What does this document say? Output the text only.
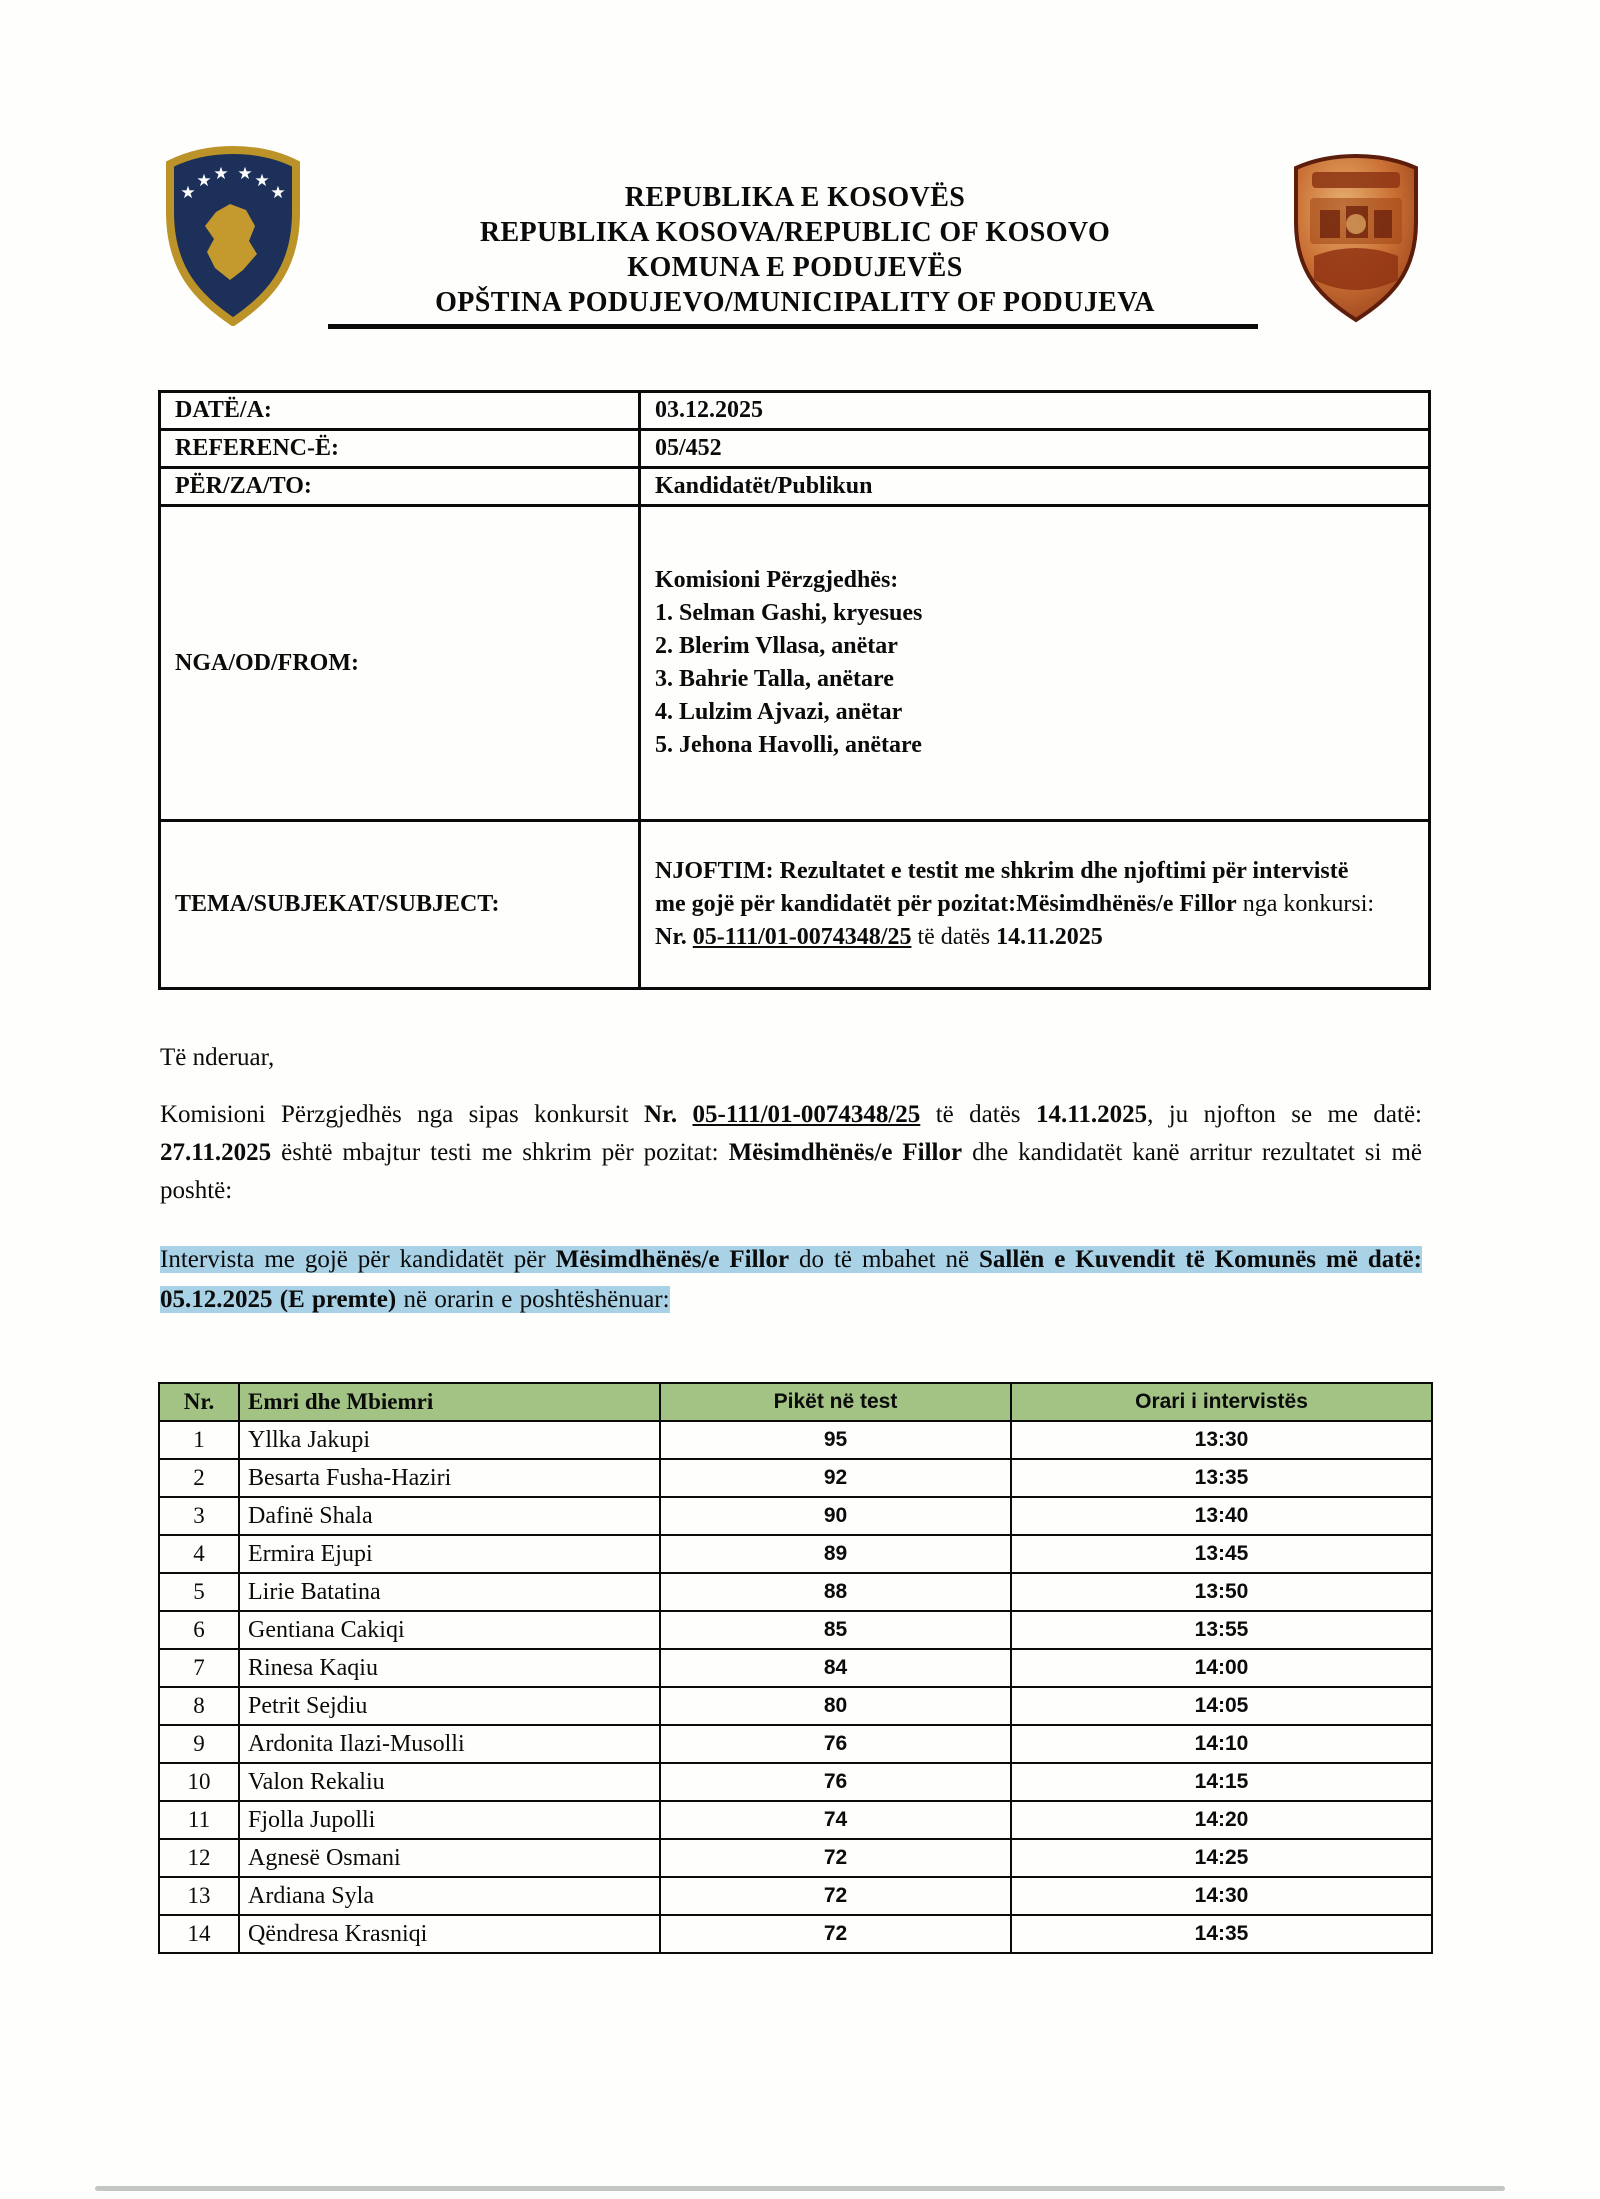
★
★ ★ ★ ★
★	REPUBLIKA E KOSOVËS
REPUBLIKA KOSOVA/REPUBLIC OF KOSOVO
KOMUNA E PODUJEVËS
OPŠTINA PODUJEVO/MUNICIPALITY OF PODUJEVA
DATË/A:	03.12.2025
REFERENC-Ë:	05/452
PËR/ZA/TO:	Kandidatët/Publikun
NGA/OD/FROM:	
Komisioni Përzgjedhës:
1. Selman Gashi, kryesues
2. Blerim Vllasa, anëtar
3. Bahrie Talla, anëtare
4. Lulzim Ajvazi, anëtar
5. Jehona Havolli, anëtare

TEMA/SUBJEKAT/SUBJECT:	NJOFTIM: Rezultatet e testit me shkrim dhe njoftimi për intervistë me gojë për kandidatët për pozitat:Mësimdhënës/e Fillor nga konkursi: Nr. 05-111/01-0074348/25 të datës 14.11.2025
Të nderuar,
Komisioni Përzgjedhës nga sipas konkursit Nr. 05-111/01-0074348/25 të datës 14.11.2025, ju njofton se me datë: 27.11.2025 është mbajtur testi me shkrim për pozitat: Mësimdhënës/e Fillor dhe kandidatët kanë arritur rezultatet si më poshtë:
Intervista me gojë për kandidatët për Mësimdhënës/e Fillor do të mbahet në Sallën e Kuvendit të Komunës më datë: 05.12.2025 (E premte) në orarin e poshtëshënuar:
Nr.	Emri dhe Mbiemri	Pikët në test	Orari i intervistës
1	Yllka Jakupi	95	13:30
2	Besarta Fusha-Haziri	92	13:35
3	Dafinë Shala	90	13:40
4	Ermira Ejupi	89	13:45
5	Lirie Batatina	88	13:50
6	Gentiana Cakiqi	85	13:55
7	Rinesa Kaqiu	84	14:00
8	Petrit Sejdiu	80	14:05
9	Ardonita Ilazi-Musolli	76	14:10
10	Valon Rekaliu	76	14:15
11	Fjolla Jupolli	74	14:20
12	Agnesë Osmani	72	14:25
13	Ardiana Syla	72	14:30
14	Qëndresa Krasniqi	72	14:35
